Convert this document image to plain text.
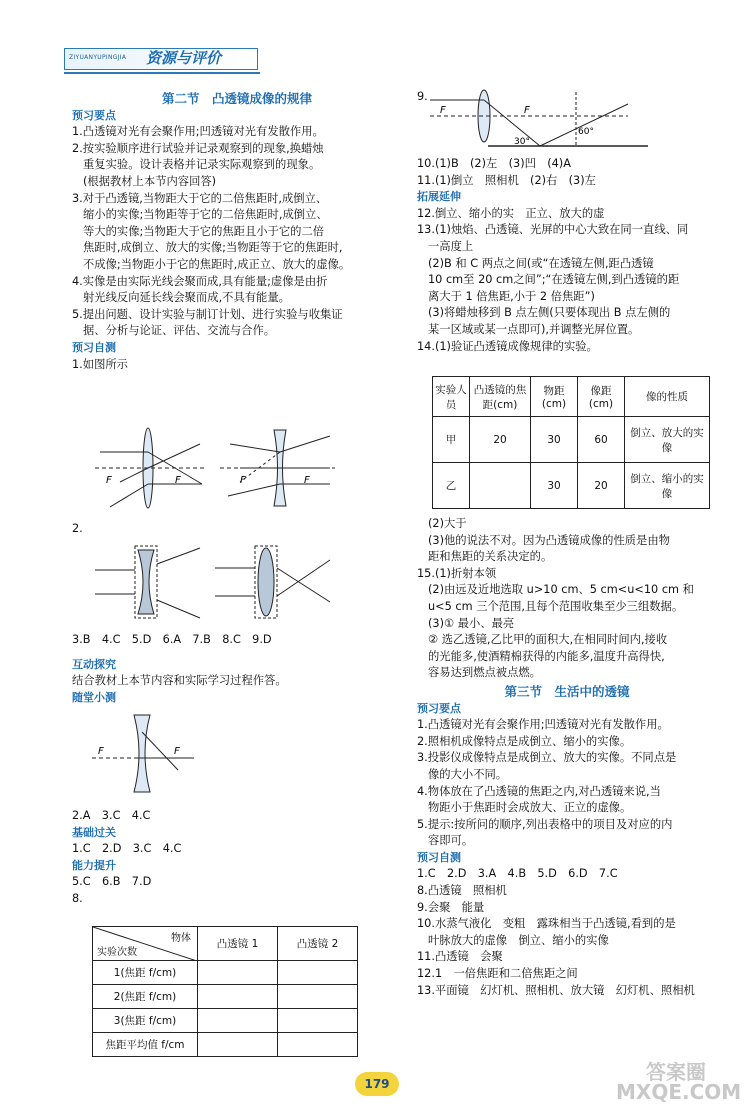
ZIYUANYUPINGJIA 资源与评价

第二节　凸透镜成像的规律

预习要点

1.凸透镜对光有会聚作用;凹透镜对光有发散作用。

2.按实验顺序进行试验并记录观察到的现象,换蜡烛

重复实验。设计表格并记录实际观察到的现象。

(根据教材上本节内容回答)

3.对于凸透镜,当物距大于它的二倍焦距时,成倒立、

缩小的实像;当物距等于它的二倍焦距时,成倒立、

等大的实像;当物距大于它的焦距且小于它的二倍

焦距时,成倒立、放大的实像;当物距等于它的焦距时,

不成像;当物距小于它的焦距时,成正立、放大的虚像。

4.实像是由实际光线会聚而成,具有能量;虚像是由折

射光线反向延长线会聚而成,不具有能量。

5.提出问题、设计实验与制订计划、进行实验与收集证

据、分析与论证、评估、交流与合作。

预习自测

1.如图所示

F	F	F	F

2.

3.B　4.C　5.D　6.A　7.B　8.C　9.D

互动探究

结合教材上本节内容和实际学习过程作答。

随堂小测

F	F

2.A　3.C　4.C

基础过关

1.C　2.D　3.C　4.C

能力提升

5.C　6.B　7.D

8.

物体
实验次数	凸透镜 1	凸透镜 2
1(焦距 f/cm)		
2(焦距 f/cm)		
3(焦距 f/cm)		
焦距平均值 f/cm		

9.

F	F
30°
60°

10.(1)B　(2)左　(3)凹　(4)A

11.(1)倒立　照相机　(2)右　(3)左

拓展延伸

12.倒立、缩小的实　正立、放大的虚

13.(1)烛焰、凸透镜、光屏的中心大致在同一直线、同

一高度上

(2)B 和 C 两点之间(或“在透镜左侧,距凸透镜

10 cm至 20 cm之间”;“在透镜左侧,到凸透镜的距

离大于 1 倍焦距,小于 2 倍焦距”)

(3)将蜡烛移到 B 点左侧(只要体现出 B 点左侧的

某一区域或某一点即可),并调整光屏位置。

14.(1)验证凸透镜成像规律的实验。

实验人员	凸透镜的焦距(cm)	物距(cm)	像距(cm)	像的性质
甲	20	30	60	倒立、放大的实像
乙		30	20	倒立、缩小的实像

(2)大于

(3)他的说法不对。因为凸透镜成像的性质是由物

距和焦距的关系决定的。

15.(1)折射本领

(2)由远及近地选取 u>10 cm、5 cm<u<10 cm 和

u<5 cm 三个范围,且每个范围收集至少三组数据。

(3)① 最小、最亮

② 选乙透镜,乙比甲的面积大,在相同时间内,接收

的光能多,使酒精棉获得的内能多,温度升高得快,

容易达到燃点被点燃。

第三节　生活中的透镜

预习要点

1.凸透镜对光有会聚作用;凹透镜对光有发散作用。

2.照相机成像特点是成倒立、缩小的实像。

3.投影仪成像特点是成倒立、放大的实像。不同点是

像的大小不同。

4.物体放在了凸透镜的焦距之内,对凸透镜来说,当

物距小于焦距时会成放大、正立的虚像。

5.提示:按所问的顺序,列出表格中的项目及对应的内

容即可。

预习自测

1.C　2.D　3.A　4.B　5.D　6.D　7.C

8.凸透镜　照相机

9.会聚　能量

10.水蒸气液化　变粗　露珠相当于凸透镜,看到的是

叶脉放大的虚像　倒立、缩小的实像

11.凸透镜　会聚

12.1　一倍焦距和二倍焦距之间

13.平面镜　幻灯机、照相机、放大镜　幻灯机、照相机

179	答案圈 MXQE.COM
